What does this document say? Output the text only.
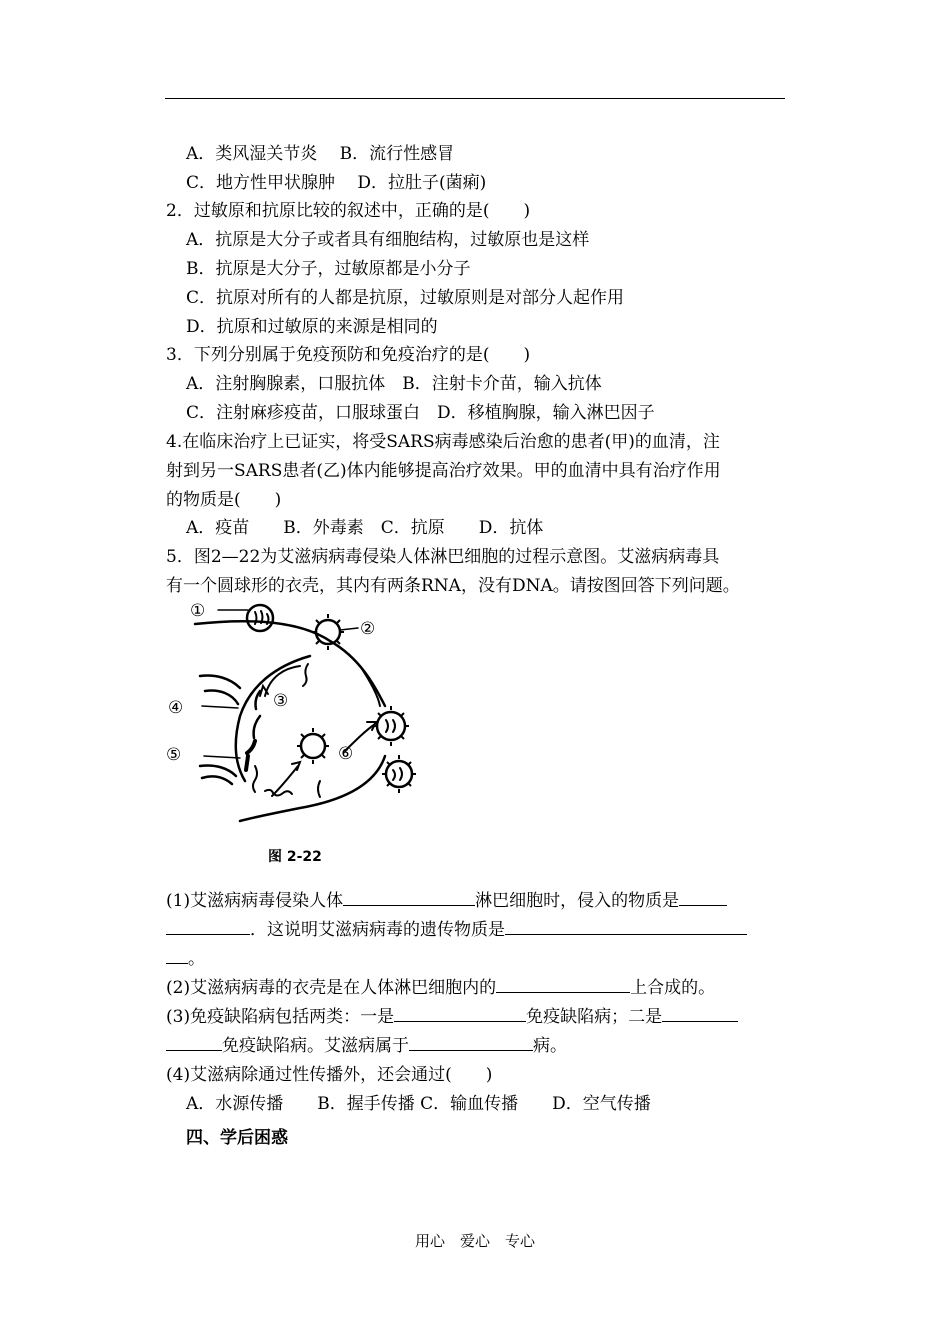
A．类风湿关节炎　 B．流行性感冒
C．地方性甲状腺肿　 D．拉肚子(菌痢)
2．过敏原和抗原比较的叙述中，正确的是(　　)
A．抗原是大分子或者具有细胞结构，过敏原也是这样
B．抗原是大分子，过敏原都是小分子
C．抗原对所有的人都是抗原，过敏原则是对部分人起作用
D．抗原和过敏原的来源是相同的
3．下列分别属于免疫预防和免疫治疗的是(　　)
A．注射胸腺素，口服抗体　B．注射卡介苗，输入抗体
C．注射麻疹疫苗，口服球蛋白　D．移植胸腺，输入淋巴因子
4.在临床治疗上已证实，将受SARS病毒感染后治愈的患者(甲)的血清，注
射到另一SARS患者(乙)体内能够提高治疗效果。甲的血清中具有治疗作用
的物质是(　　)
A．疫苗　　B．外毒素　C．抗原　　D．抗体
5．图2—22为艾滋病病毒侵染人体淋巴细胞的过程示意图。艾滋病病毒具
有一个圆球形的衣壳，其内有两条RNA，没有DNA。请按图回答下列问题。
①
②
③
④
⑤	⑥
图 2-22
(1)艾滋病病毒侵染人体	淋巴细胞时，侵入的物质是
．这说明艾滋病病毒的遗传物质是
。
(2)艾滋病病毒的衣壳是在人体淋巴细胞内的	上合成的。
(3)免疫缺陷病包括两类：一是	免疫缺陷病；二是
免疫缺陷病。艾滋病属于	病。
(4)艾滋病除通过性传播外，还会通过(　　)
A．水源传播　　B．握手传播 C．输血传播　　D．空气传播
四、学后困惑
用心　爱心　专心
